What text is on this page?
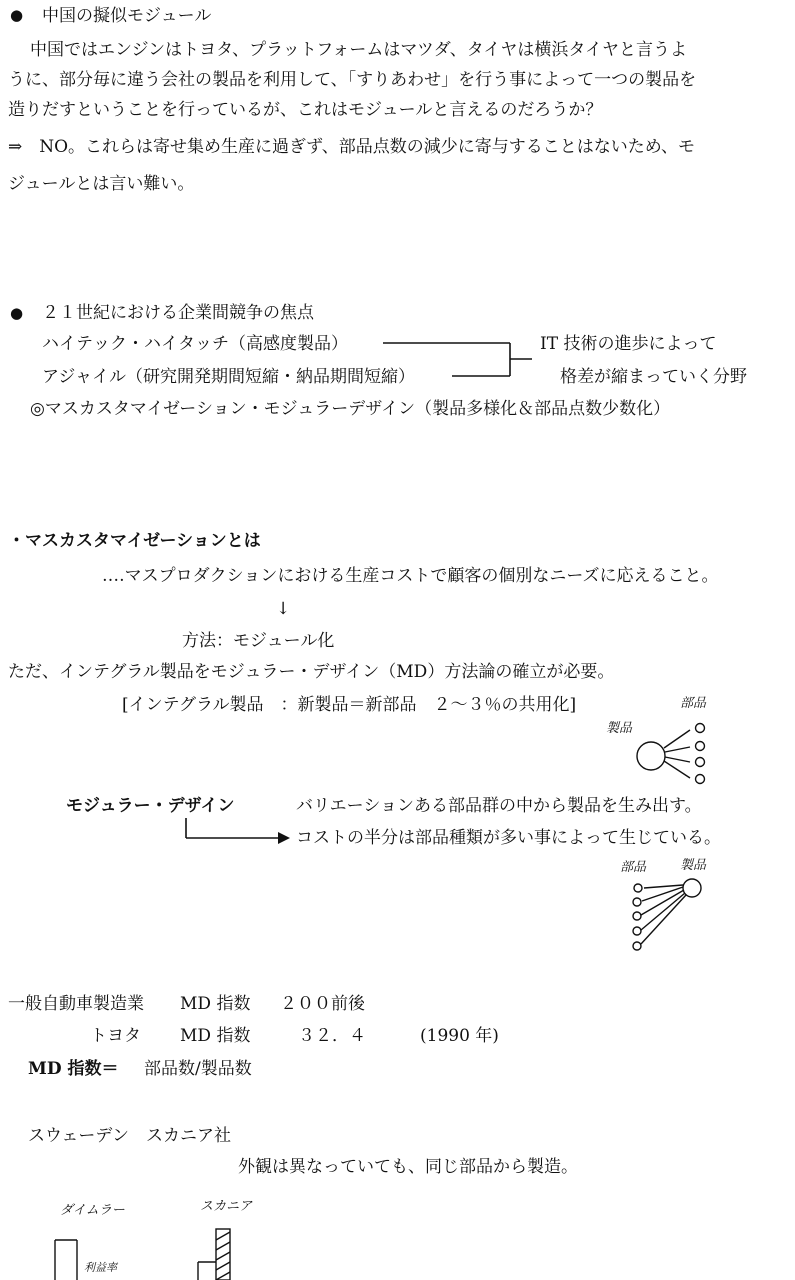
● 中国の擬似モジュール
中国ではエンジンはトヨタ、プラットフォームはマツダ、タイヤは横浜タイヤと言うよ
うに、部分毎に違う会社の製品を利用して、「すりあわせ」を行う事によって一つの製品を
造りだすということを行っているが、これはモジュールと言えるのだろうか？
⇒　NO。これらは寄せ集め生産に過ぎず、部品点数の減少に寄与することはないため、モ
ジュールとは言い難い。
● ２１世紀における企業間競争の焦点
ハイテック・ハイタッチ（高感度製品）
アジャイル（研究開発期間短縮・納品期間短縮）
IT 技術の進歩によって
格差が縮まっていく分野
◎マスカスタマイゼーション・モジュラーデザイン（製品多様化＆部品点数少数化）
・マスカスタマイゼーションとは
‥‥マスプロダクションにおける生産コストで顧客の個別なニーズに応えること。
↓
方法：モジュール化
ただ、インテグラル製品をモジュラー・デザイン（MD）方法論の確立が必要。
[インテグラル製品　：新製品＝新部品　２～３％の共用化]
製品
部品
モジュラー・デザイン	バリエーションある部品群の中から製品を生み出す。
コストの半分は部品種類が多い事によって生じている。
部品	製品
一般自動車製造業 MD 指数 ２００前後
トヨタ MD 指数	３２．４	(1990 年)
MD 指数＝ 部品数/製品数
スウェーデン　スカニア社
外観は異なっていても、同じ部品から製造。
ダイムラー	スカニア
利益率
